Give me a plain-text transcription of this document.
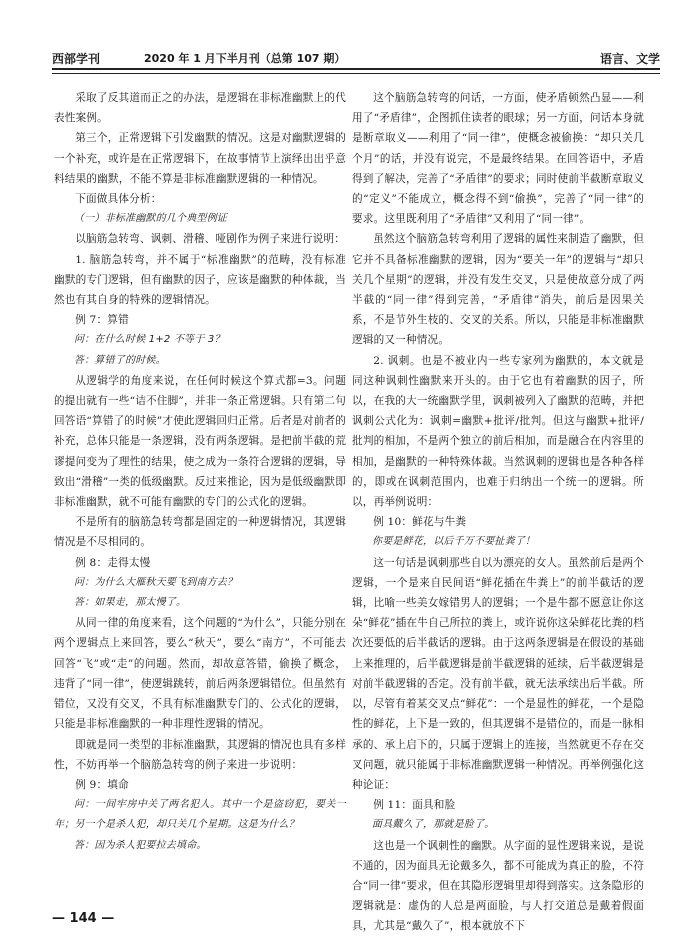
西部学刊	2020 年 1 月下半月刊（总第 107 期）	语言、文学

采取了反其道而正之的办法，是逻辑在非标准幽默上的代表性案例。

第三个，正常逻辑下引发幽默的情况。这是对幽默逻辑的一个补充，或许是在正常逻辑下，在故事情节上演绎出出乎意料结果的幽默，不能不算是非标准幽默逻辑的一种情况。

下面做具体分析：

（一）非标准幽默的几个典型例证

以脑筋急转弯、讽刺、滑稽、哑剧作为例子来进行说明：

1. 脑筋急转弯，并不属于“标准幽默”的范畴，没有标准幽默的专门逻辑，但有幽默的因子，应该是幽默的种体裁，当然也有其自身的特殊的逻辑情况。

例 7：算错

问：在什么时候 1+2 不等于 3？

答：算错了的时候。

从逻辑学的角度来说，在任何时候这个算式都=3。问题的提出就有一些“诘不住脚”，并非一条正常逻辑。只有第二句回答语“算错了的时候”才使此逻辑回归正常。后者是对前者的补充，总体只能是一条逻辑，没有两条逻辑。是把前半截的荒谬提问变为了理性的结果，使之成为一条符合逻辑的逻辑，导致出“滑稽”一类的低级幽默。反过来推论，因为是低级幽默即非标准幽默，就不可能有幽默的专门的公式化的逻辑。

不是所有的脑筋急转弯都是固定的一种逻辑情况，其逻辑情况是不尽相同的。

例 8：走得太慢

问：为什么大雁秋天要飞到南方去？

答：如果走，那太慢了。

从同一律的角度来看，这个问题的“为什么”，只能分别在两个逻辑点上来回答，要么“秋天”，要么“南方”，不可能去回答“飞”或“走”的问题。然而，却故意答错，偷换了概念，违背了“同一律”，使逻辑跳转，前后两条逻辑错位。但虽然有错位，又没有交叉，不具有标准幽默专门的、公式化的逻辑，只能是非标准幽默的一种非理性逻辑的情况。

即就是同一类型的非标准幽默，其逻辑的情况也具有多样性，不妨再举一个脑筋急转弯的例子来进一步说明：

例 9：填命

问：一间牢房中关了两名犯人。其中一个是盗窃犯，要关一年；另一个是杀人犯，却只关几个星期。这是为什么？

答：因为杀人犯要拉去填命。

这个脑筋急转弯的问话，一方面，使矛盾顿然凸显——利用了“矛盾律”，企图抓住读者的眼球；另一方面，问话本身就是断章取义——利用了“同一律”，使概念被偷换：“却只关几个月”的话，并没有说完，不是最终结果。在回答语中，矛盾得到了解决，完善了“矛盾律”的要求；同时使前半截断章取义的“定义”不能成立，概念得不到“偷换”，完善了“同一律”的要求。这里既利用了“矛盾律”又利用了“同一律”。

虽然这个脑筋急转弯利用了逻辑的属性来制造了幽默，但它并不具备标准幽默的逻辑，因为“要关一年”的逻辑与“却只关几个星期”的逻辑，并没有发生交叉，只是使故意分成了两半截的“同一律”得到完善，“矛盾律”消失，前后是因果关系，不是节外生枝的、交叉的关系。所以，只能是非标准幽默逻辑的又一种情况。

2. 讽刺。也是不被业内一些专家列为幽默的，本文就是同这种讽刺性幽默来开头的。由于它也有着幽默的因子，所以，在我的大一统幽默学里，讽刺被列入了幽默的范畴，并把讽刺公式化为：讽刺=幽默+批评/批判。但这与幽默+批评/批判的相加，不是两个独立的前后相加，而是融合在内容里的相加，是幽默的一种特殊体裁。当然讽刺的逻辑也是各种各样的，即或在讽刺范围内，也难于归纳出一个统一的逻辑。所以，再举例说明：

例 10：鲜花与牛粪

你要是鲜花，以后千万不要扯粪了！

这一句话是讽刺那些自以为漂亮的女人。虽然前后是两个逻辑，一个是来自民间语“鲜花插在牛粪上”的前半截话的逻辑，比喻一些美女嫁错男人的逻辑；一个是牛都不愿意让你这朵“鲜花”插在牛自己所拉的粪上，或许说你这朵鲜花比粪的档次还要低的后半截话的逻辑。由于这两条逻辑是在假设的基础上来推理的，后半截逻辑是前半截逻辑的延续，后半截逻辑是对前半截逻辑的否定。没有前半截，就无法承续出后半截。所以，尽管有着某交叉点“鲜花”：一个是显性的鲜花，一个是隐性的鲜花，上下是一致的，但其逻辑不是错位的，而是一脉相承的、承上启下的，只属于逻辑上的连接，当然就更不存在交叉问题，就只能属于非标准幽默逻辑一种情况。再举例强化这种论证：

例 11：面具和脸

面具戴久了，那就是脸了。

这也是一个讽刺性的幽默。从字面的显性逻辑来说，是说不通的，因为面具无论戴多久，都不可能成为真正的脸，不符合“同一律”要求，但在其隐形逻辑里却得到落实。这条隐形的逻辑就是：虚伪的人总是两面脸，与人打交道总是戴着假面具，尤其是“戴久了”，根本就放不下

— 144 —
